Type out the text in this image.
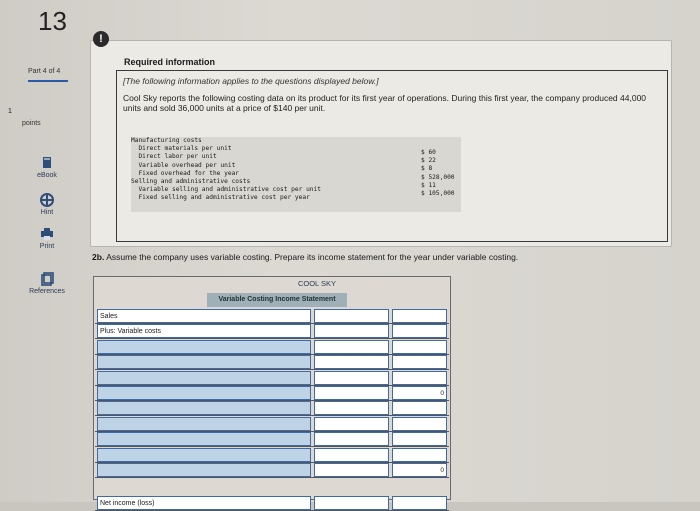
13
Part 4 of 4
1
points
eBook
Hint
Print
References
Required information
[The following information applies to the questions displayed below.]
Cool Sky reports the following costing data on its product for its first year of operations. During this first year, the company produced 44,000 units and sold 36,000 units at a price of $140 per unit.
Manufacturing costs
Direct materials per unit
Direct labor per unit
Variable overhead per unit
Fixed overhead for the year
Selling and administrative costs
Variable selling and administrative cost per unit
Fixed selling and administrative cost per year
$ 60
$ 22
$ 8
$ 528,000
$ 11
$ 105,000
!
2b. Assume the company uses variable costing. Prepare its income statement for the year under variable costing.
COOL SKY
Variable Costing Income Statement
Sales
Plus: Variable costs
0
0
Net income (loss)
